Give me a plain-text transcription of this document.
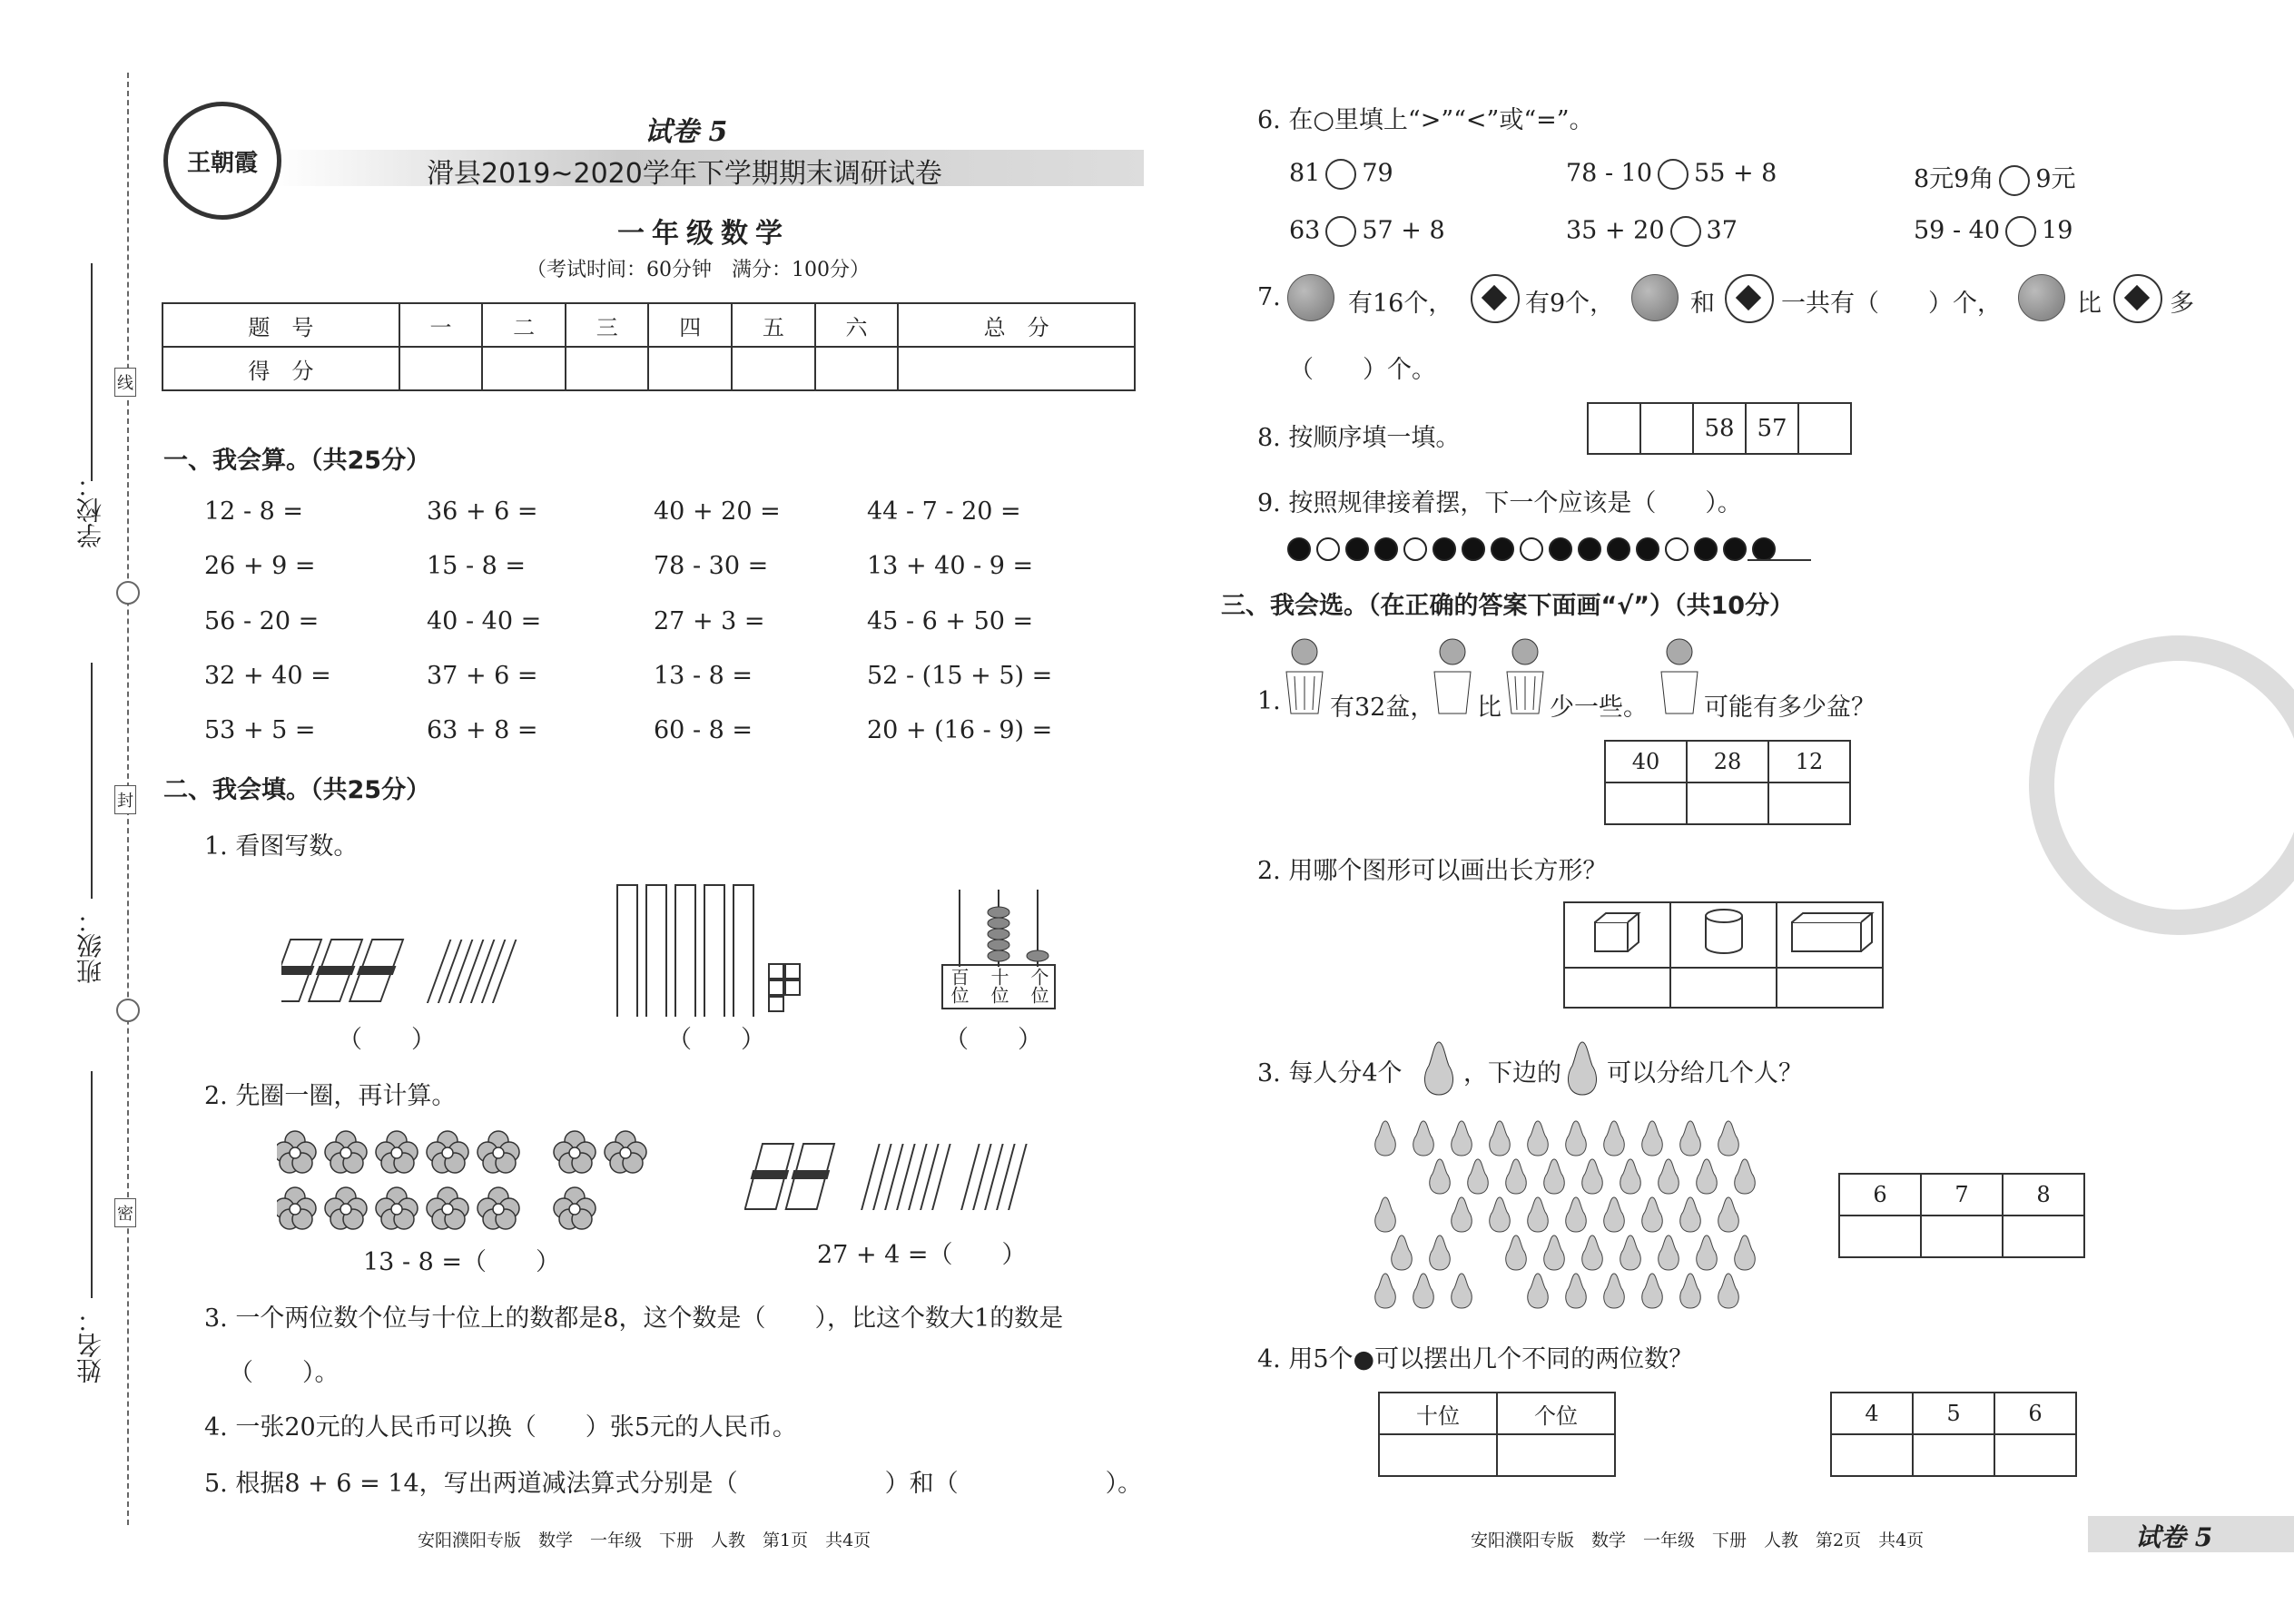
学校：
班级：
姓名：
线
封
密
王朝霞
试卷 5
滑县2019~2020学年下学期期末调研试卷
一年级数学
（考试时间：60分钟　满分：100分）
题　号	一	二	三	四	五	六	总　分
得　分							
一、我会算。（共25分）
12 - 8 =	36 + 6 =	40 + 20 =	44 - 7 - 20 =
26 + 9 =	15 - 8 =	78 - 30 =	13 + 40 - 9 =
56 - 20 =	40 - 40 =	27 + 3 =	45 - 6 + 50 =
32 + 40 =	37 + 6 =	13 - 8 =	52 - (15 + 5) =
53 + 5 =	63 + 8 =	60 - 8 =	20 + (16 - 9) =
二、我会填。（共25分）
1. 看图写数。
百位 十位 个位
（　　）	（　　）	（　　）
2. 先圈一圈，再计算。
13 - 8 =（　　）	27 + 4 =（　　）
3. 一个两位数个位与十位上的数都是8，这个数是（　　），比这个数大1的数是
（　　）。
4. 一张20元的人民币可以换（　　）张5元的人民币。
5. 根据8 + 6 = 14，写出两道减法算式分别是（　　　　　　）和（　　　　　　）。
安阳濮阳专版　数学　一年级　下册　人教　第1页　共4页
6. 在○里填上“>”“<”或“=”。
81 79	78 - 10 55 + 8	8元9角 9元
63 57 + 8	35 + 20 37	59 - 40 19
7.	有16个，	有9个，	和	一共有（　　）个，	比	多
（　　）个。
8. 按顺序填一填。
			58	57	
9. 按照规律接着摆，下一个应该是（　　）。
三、我会选。（在正确的答案下面画“√”）（共10分）
1. 有32盆， 比 少一些。 可能有多少盆？
40	28	12

2. 用哪个图形可以画出长方形？

3. 每人分4个 ，下边的 可以分给几个人？
6	7	8

4. 用5个●可以摆出几个不同的两位数？
十位	个位
		4	5	6

安阳濮阳专版　数学　一年级　下册　人教　第2页　共4页	试卷 5
